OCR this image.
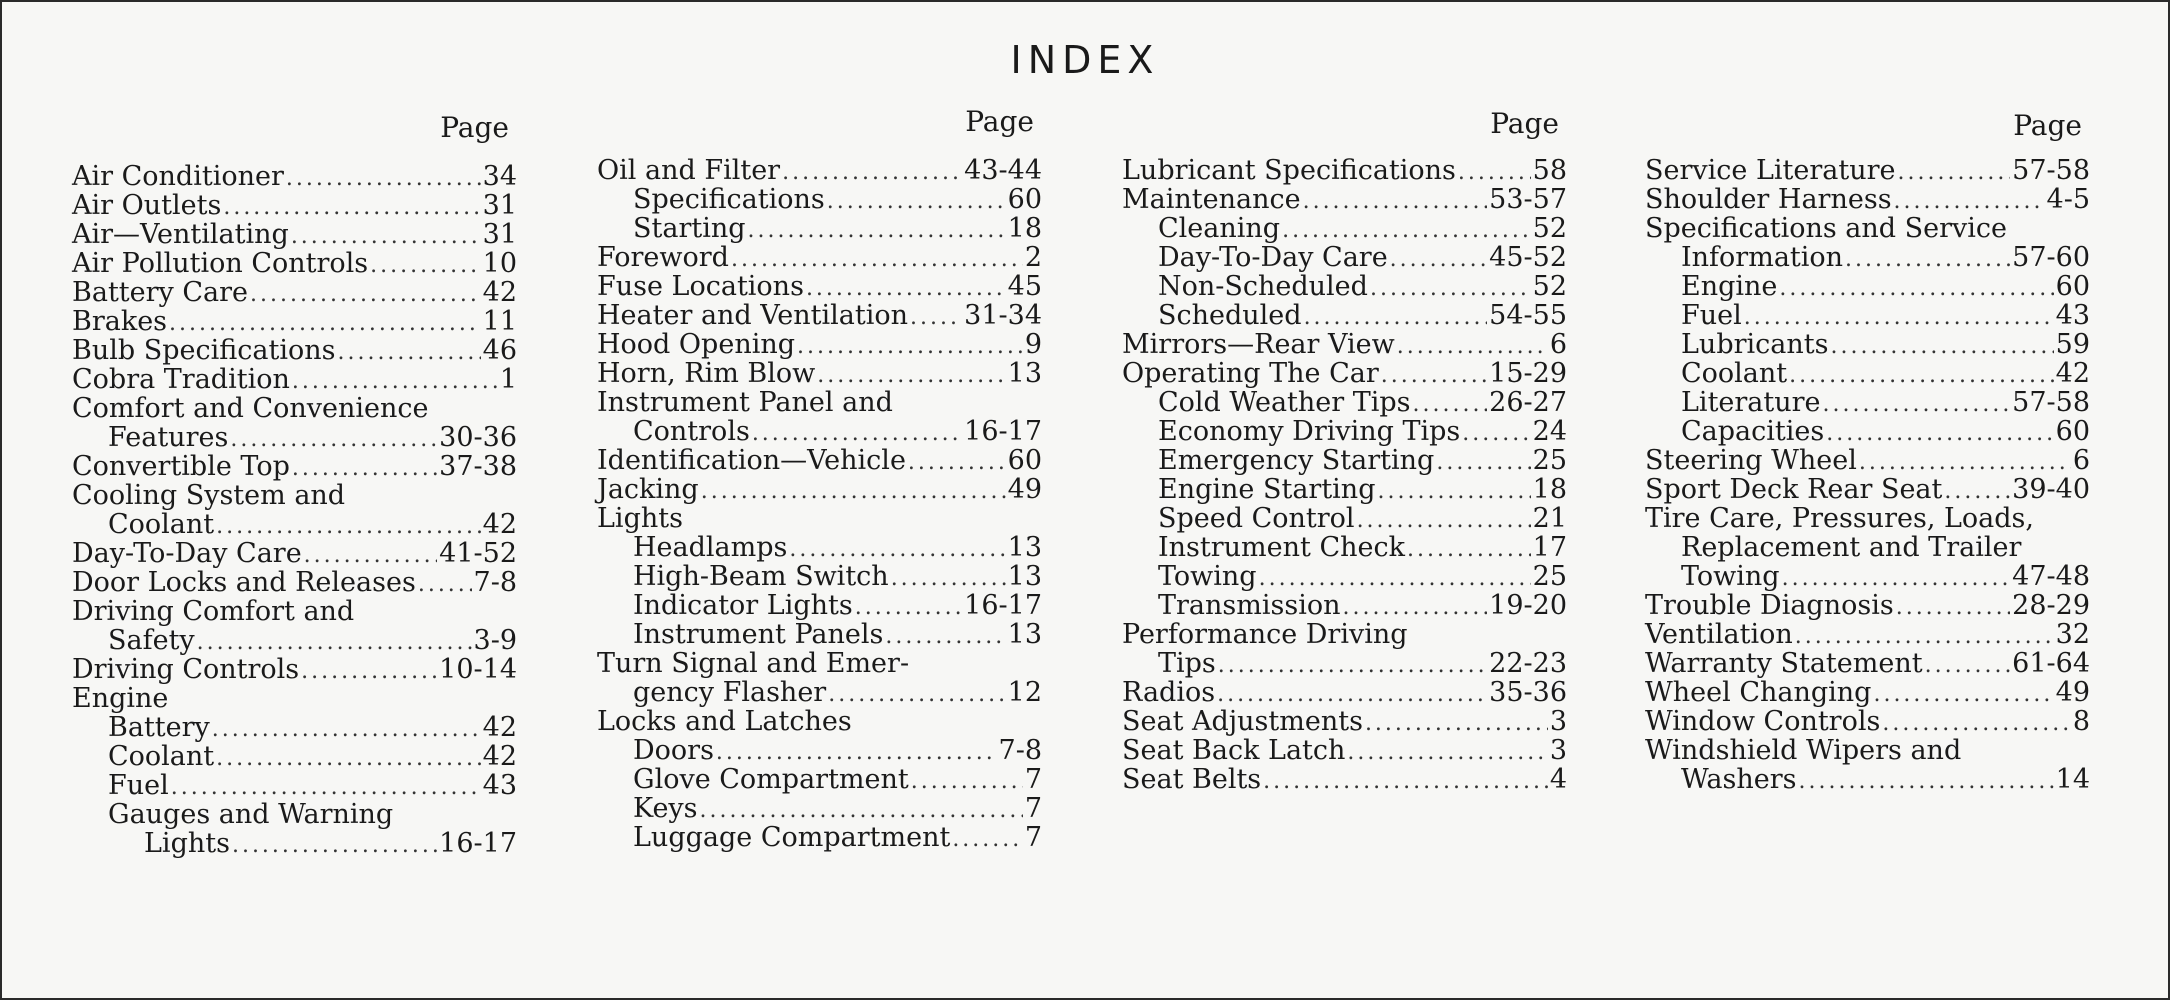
INDEX
Page
Air Conditioner .....	34
Air Outlets .....	31
Air—Ventilating .....	31
Air Pollution Controls .....	10
Battery Care .....	42
Brakes .....	11
Bulb Specifications .....	46
Cobra Tradition .....	1
Comfort and Convenience
Features .....	30-36
Convertible Top .....	37-38
Cooling System and
Coolant .....	42
Day-To-Day Care .....	41-52
Door Locks and Releases ..... 7-8
Driving Comfort and
Safety .....	3-9
Driving Controls .....	10-14
Engine
Battery .....	42
Coolant .....	42
Fuel .....	43
Gauges and Warning
Lights .....	16-17
Page
Oil and Filter .....	43-44
Specifications .....	60
Starting .....	18
Foreword .....	2
Fuse Locations .....	45
Heater and Ventilation ..... 31-34
Hood Opening .....	9
Horn, Rim Blow .....	13
Instrument Panel and
Controls .....	16-17
Identification—Vehicle .....	60
Jacking .....	49
Lights
Headlamps .....	13
High-Beam Switch .....	13
Indicator Lights .....	16-17
Instrument Panels .....	13
Turn Signal and Emer-
gency Flasher .....	12
Locks and Latches
Doors .....	7-8
Glove Compartment .....	7
Keys .....	7
Luggage Compartment .....	7
Page
Lubricant Specifications .....	58
Maintenance .....	53-57
Cleaning .....	52
Day-To-Day Care .....	45-52
Non-Scheduled .....	52
Scheduled .....	54-55
Mirrors—Rear View .....	6
Operating The Car .....	15-29
Cold Weather Tips .....	26-27
Economy Driving Tips .....	24
Emergency Starting .....	25
Engine Starting .....	18
Speed Control .....	21
Instrument Check .....	17
Towing .....	25
Transmission .....	19-20
Performance Driving
Tips .....	22-23
Radios .....	35-36
Seat Adjustments .....	3
Seat Back Latch .....	3
Seat Belts .....	4
Page
Service Literature .....	57-58
Shoulder Harness .....	4-5
Specifications and Service
Information .....	57-60
Engine .....	60
Fuel .....	43
Lubricants .....	59
Coolant .....	42
Literature .....	57-58
Capacities .....	60
Steering Wheel .....	6
Sport Deck Rear Seat .....	39-40
Tire Care, Pressures, Loads,
Replacement and Trailer
Towing .....	47-48
Trouble Diagnosis .....	28-29
Ventilation .....	32
Warranty Statement .....	61-64
Wheel Changing .....	49
Window Controls .....	8
Windshield Wipers and
Washers .....	14
